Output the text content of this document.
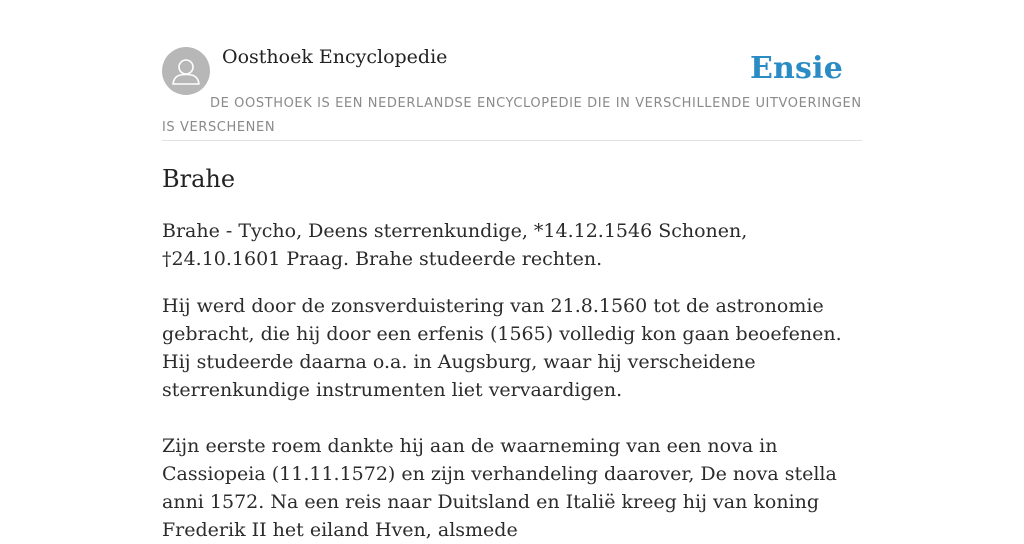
Oosthoek Encyclopedie	Ensie
DE OOSTHOEK IS EEN NEDERLANDSE ENCYCLOPEDIE DIE IN VERSCHILLENDE UITVOERINGEN IS VERSCHENEN
Brahe

Brahe - Tycho, Deens sterrenkundige, *14.12.1546 Schonen, †24.10.1601 Praag. Brahe studeerde rechten.

Hij werd door de zonsverduistering van 21.8.1560 tot de astronomie gebracht, die hij door een erfenis (1565) volledig kon gaan beoefenen. Hij studeerde daarna o.a. in Augsburg, waar hij verscheidene sterrenkundige instrumenten liet vervaardigen.

Zijn eerste roem dankte hij aan de waarneming van een nova in Cassiopeia (11.11.1572) en zijn verhandeling daarover, De nova stella anni 1572. Na een reis naar Duitsland en Italië kreeg hij van koning Frederik II het eiland Hven, alsmede
